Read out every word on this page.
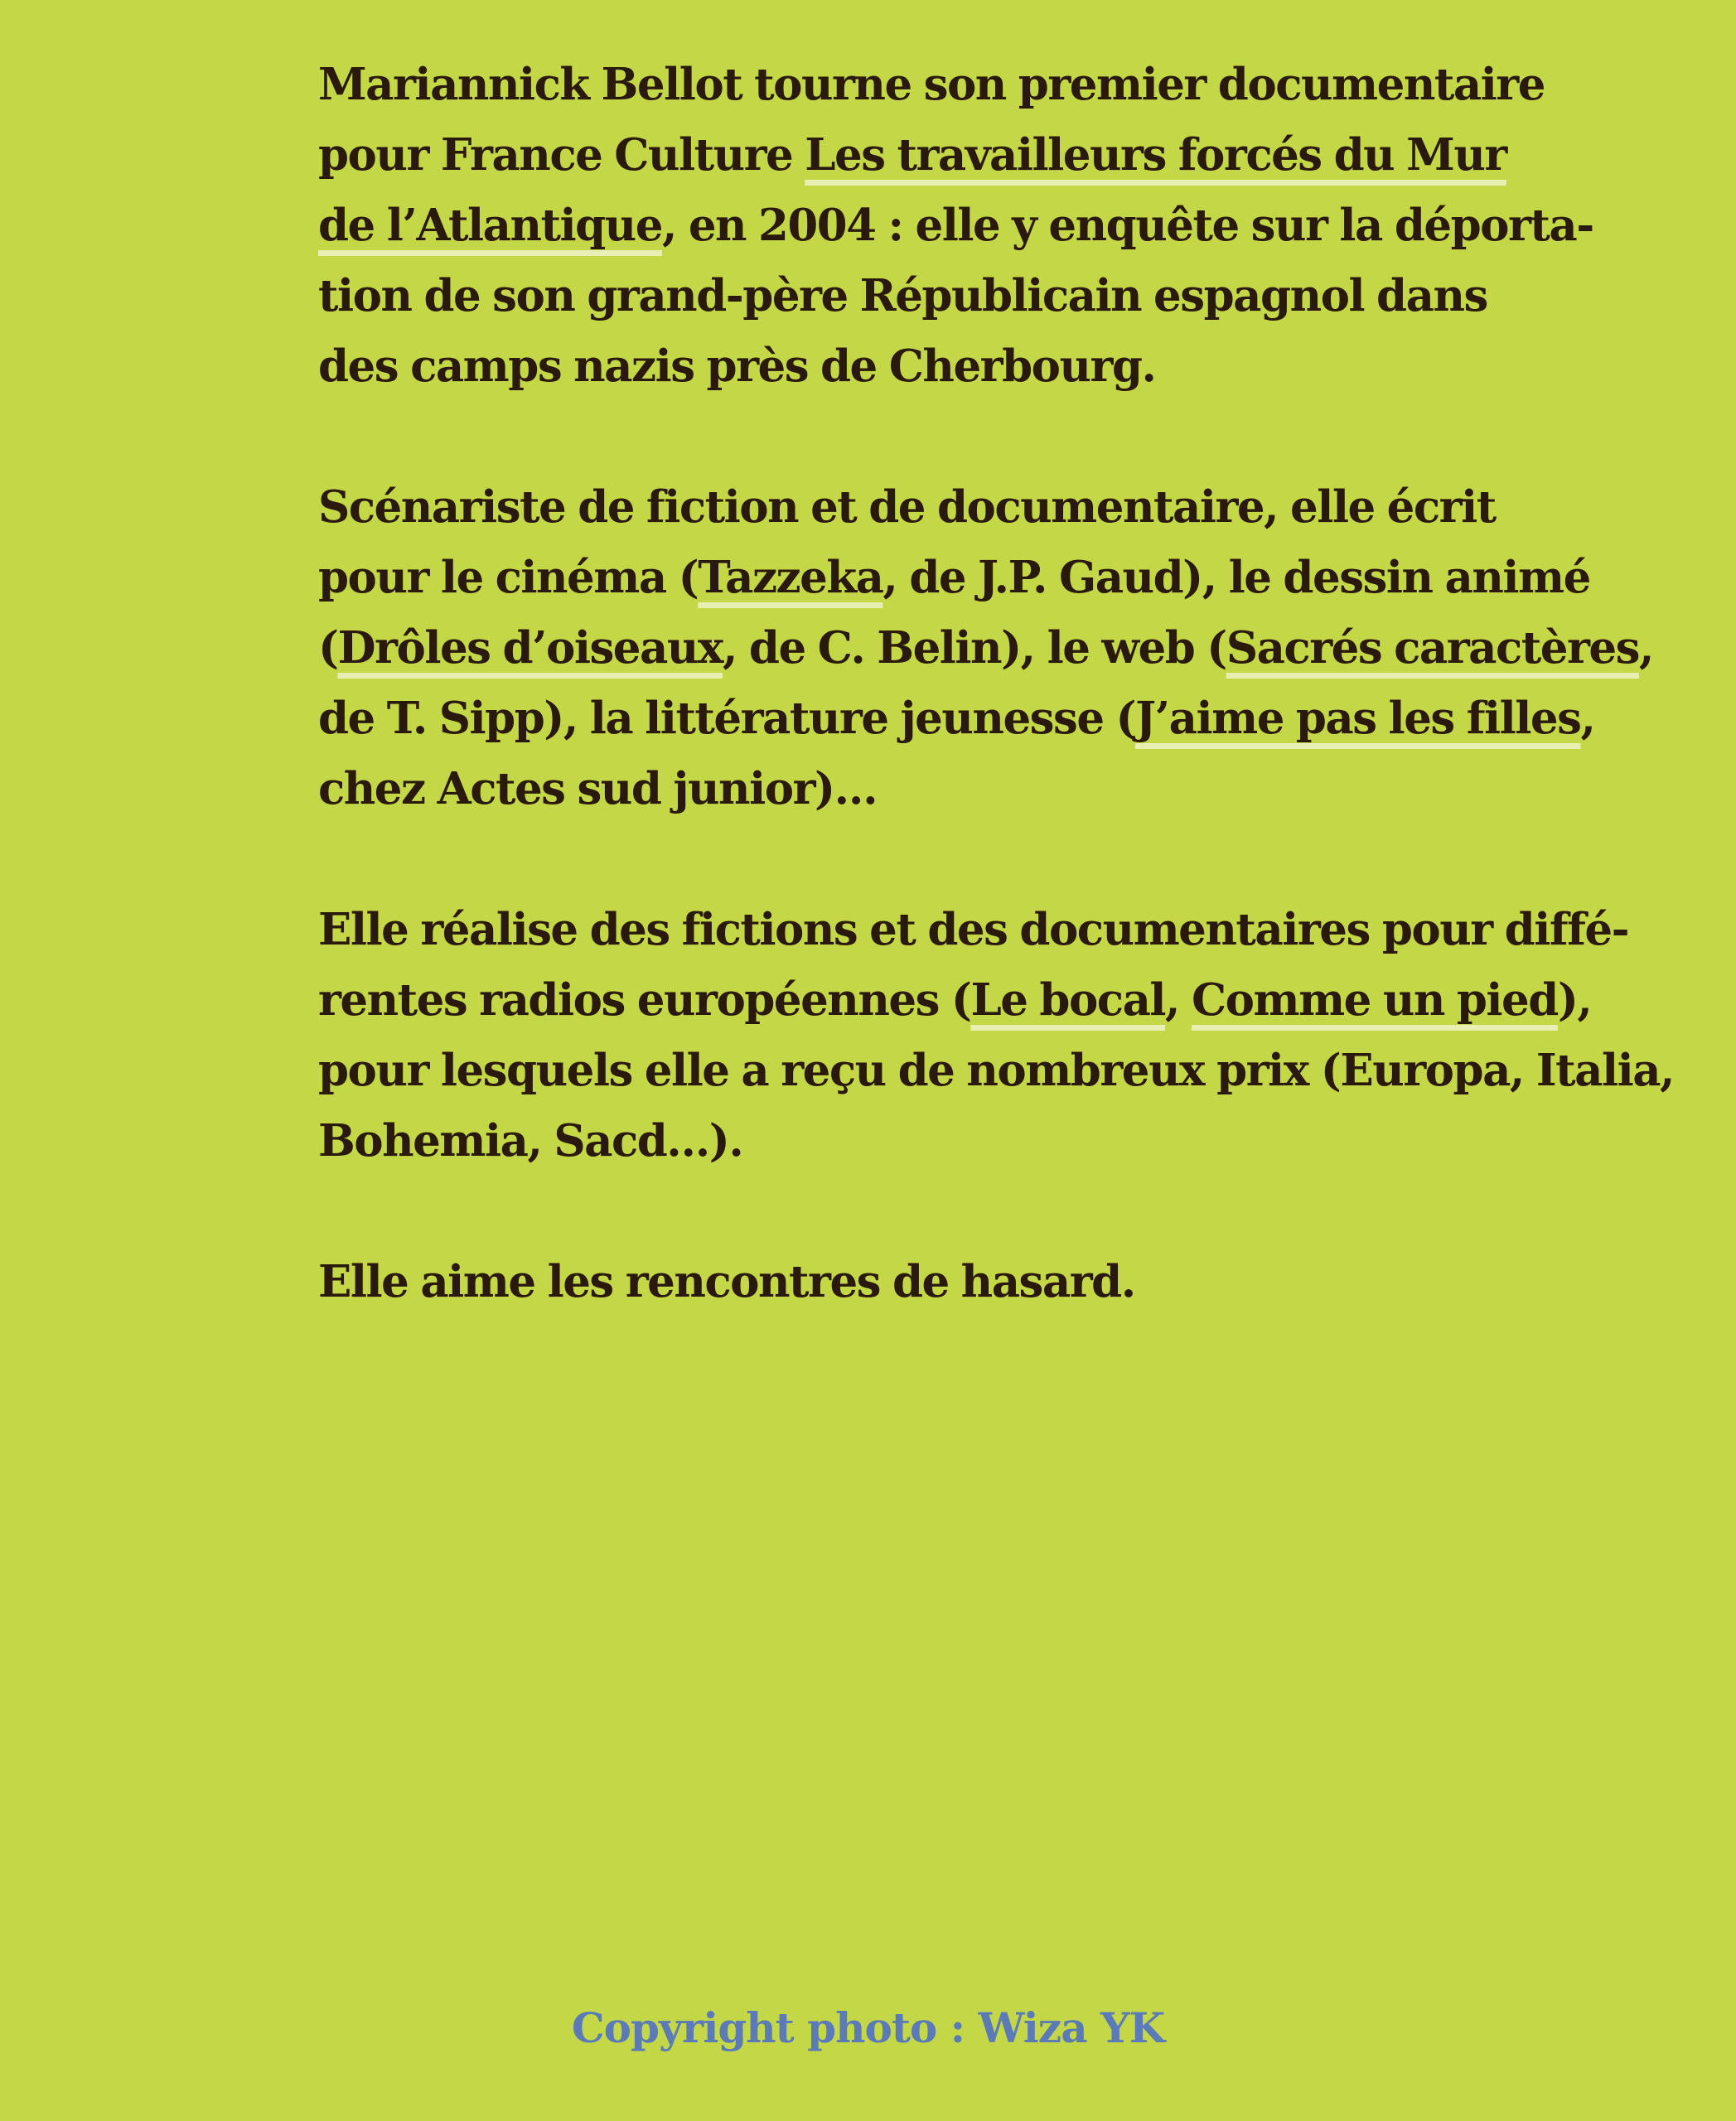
Mariannick Bellot tourne son premier documentaire
pour France Culture Les travailleurs forcés du Mur
de l’Atlantique, en 2004 : elle y enquête sur la déporta-
tion de son grand-père Républicain espagnol dans
des camps nazis près de Cherbourg.

Scénariste de fiction et de documentaire, elle écrit
pour le cinéma (Tazzeka, de J.P. Gaud), le dessin animé
(Drôles d’oiseaux, de C. Belin), le web (Sacrés caractères,
de T. Sipp), la littérature jeunesse (J’aime pas les filles,
chez Actes sud junior)…

Elle réalise des fictions et des documentaires pour diffé-
rentes radios européennes (Le bocal, Comme un pied),
pour lesquels elle a reçu de nombreux prix (Europa, Italia,
Bohemia, Sacd…).

Elle aime les rencontres de hasard.

Copyright photo : Wiza YK
